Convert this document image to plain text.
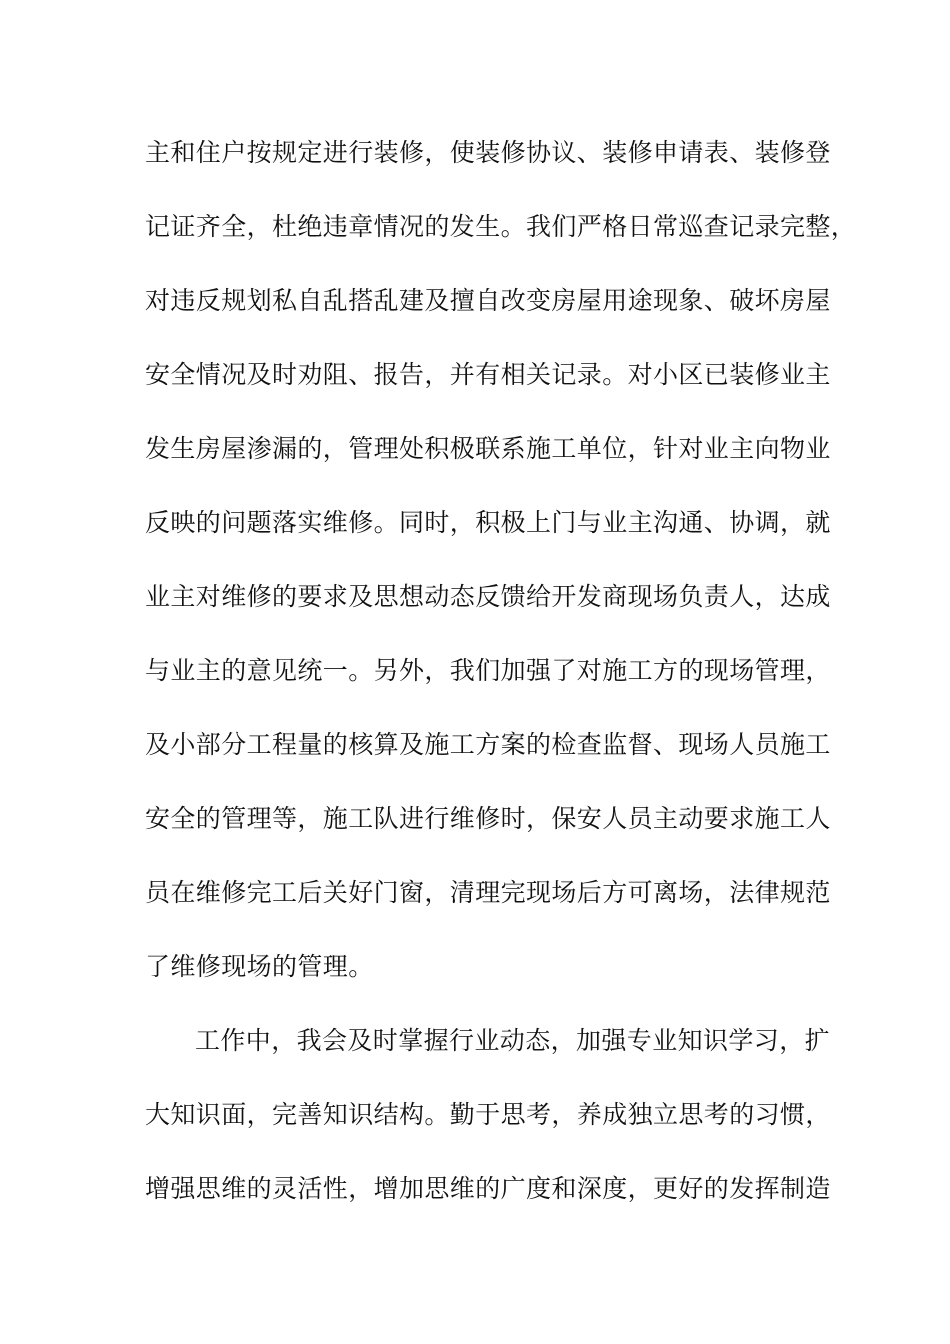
主和住户按规定进行装修，使装修协议、装修申请表、装修登
记证齐全，杜绝违章情况的发生。我们严格日常巡查记录完整，
对违反规划私自乱搭乱建及擅自改变房屋用途现象、破坏房屋
安全情况及时劝阻、报告，并有相关记录。对小区已装修业主
发生房屋渗漏的，管理处积极联系施工单位，针对业主向物业
反映的问题落实维修。同时，积极上门与业主沟通、协调，就
业主对维修的要求及思想动态反馈给开发商现场负责人，达成
与业主的意见统一。另外，我们加强了对施工方的现场管理，
及小部分工程量的核算及施工方案的检查监督、现场人员施工
安全的管理等，施工队进行维修时，保安人员主动要求施工人
员在维修完工后关好门窗，清理完现场后方可离场，法律规范
了维修现场的管理。
工作中，我会及时掌握行业动态，加强专业知识学习，扩
大知识面，完善知识结构。勤于思考，养成独立思考的习惯，
增强思维的灵活性，增加思维的广度和深度，更好的发挥制造
